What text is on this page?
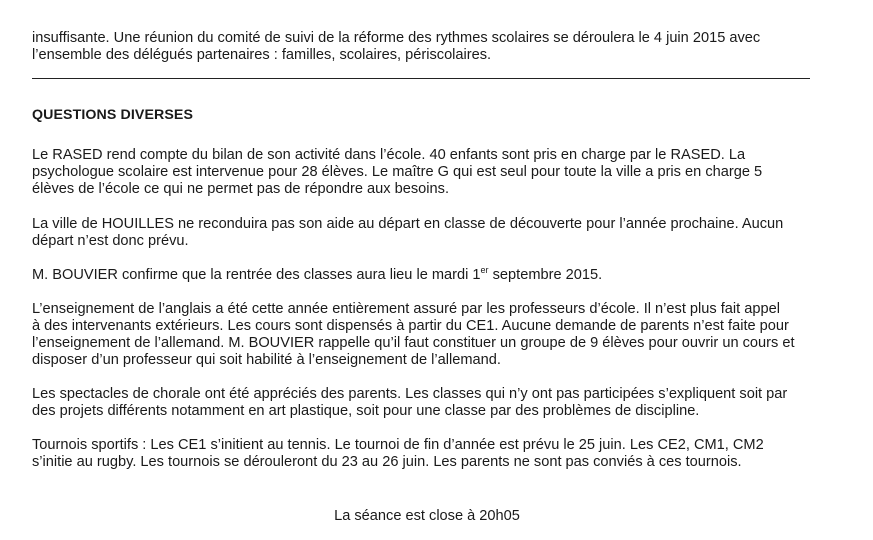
insuffisante. Une réunion du comité de suivi de la réforme des rythmes scolaires se déroulera le 4 juin 2015 avec
l’ensemble des délégués partenaires : familles, scolaires, périscolaires.
QUESTIONS DIVERSES

Le RASED rend compte du bilan de son activité dans l’école. 40 enfants sont pris en charge par le RASED. La
psychologue scolaire est intervenue pour 28 élèves. Le maître G qui est seul pour toute la ville a pris en charge 5
élèves de l’école ce qui ne permet pas de répondre aux besoins.

La ville de HOUILLES ne reconduira pas son aide au départ en classe de découverte pour l’année prochaine. Aucun
départ n’est donc prévu.

M. BOUVIER confirme que la rentrée des classes aura lieu le mardi 1er septembre 2015.

L’enseignement de l’anglais a été cette année entièrement assuré par les professeurs d’école. Il n’est plus fait appel
à des intervenants extérieurs. Les cours sont dispensés à partir du CE1. Aucune demande de parents n’est faite pour
l’enseignement de l’allemand. M. BOUVIER rappelle qu’il faut constituer un groupe de 9 élèves pour ouvrir un cours et
disposer d’un professeur qui soit habilité à l’enseignement de l’allemand.

Les spectacles de chorale ont été appréciés des parents. Les classes qui n’y ont pas participées s’expliquent soit par
des projets différents notamment en art plastique, soit pour une classe par des problèmes de discipline.

Tournois sportifs : Les CE1 s’initient au tennis. Le tournoi de fin d’année est prévu le 25 juin. Les CE2, CM1, CM2
s’initie au rugby. Les tournois se dérouleront du 23 au 26 juin. Les parents ne sont pas conviés à ces tournois.

La séance est close à 20h05
